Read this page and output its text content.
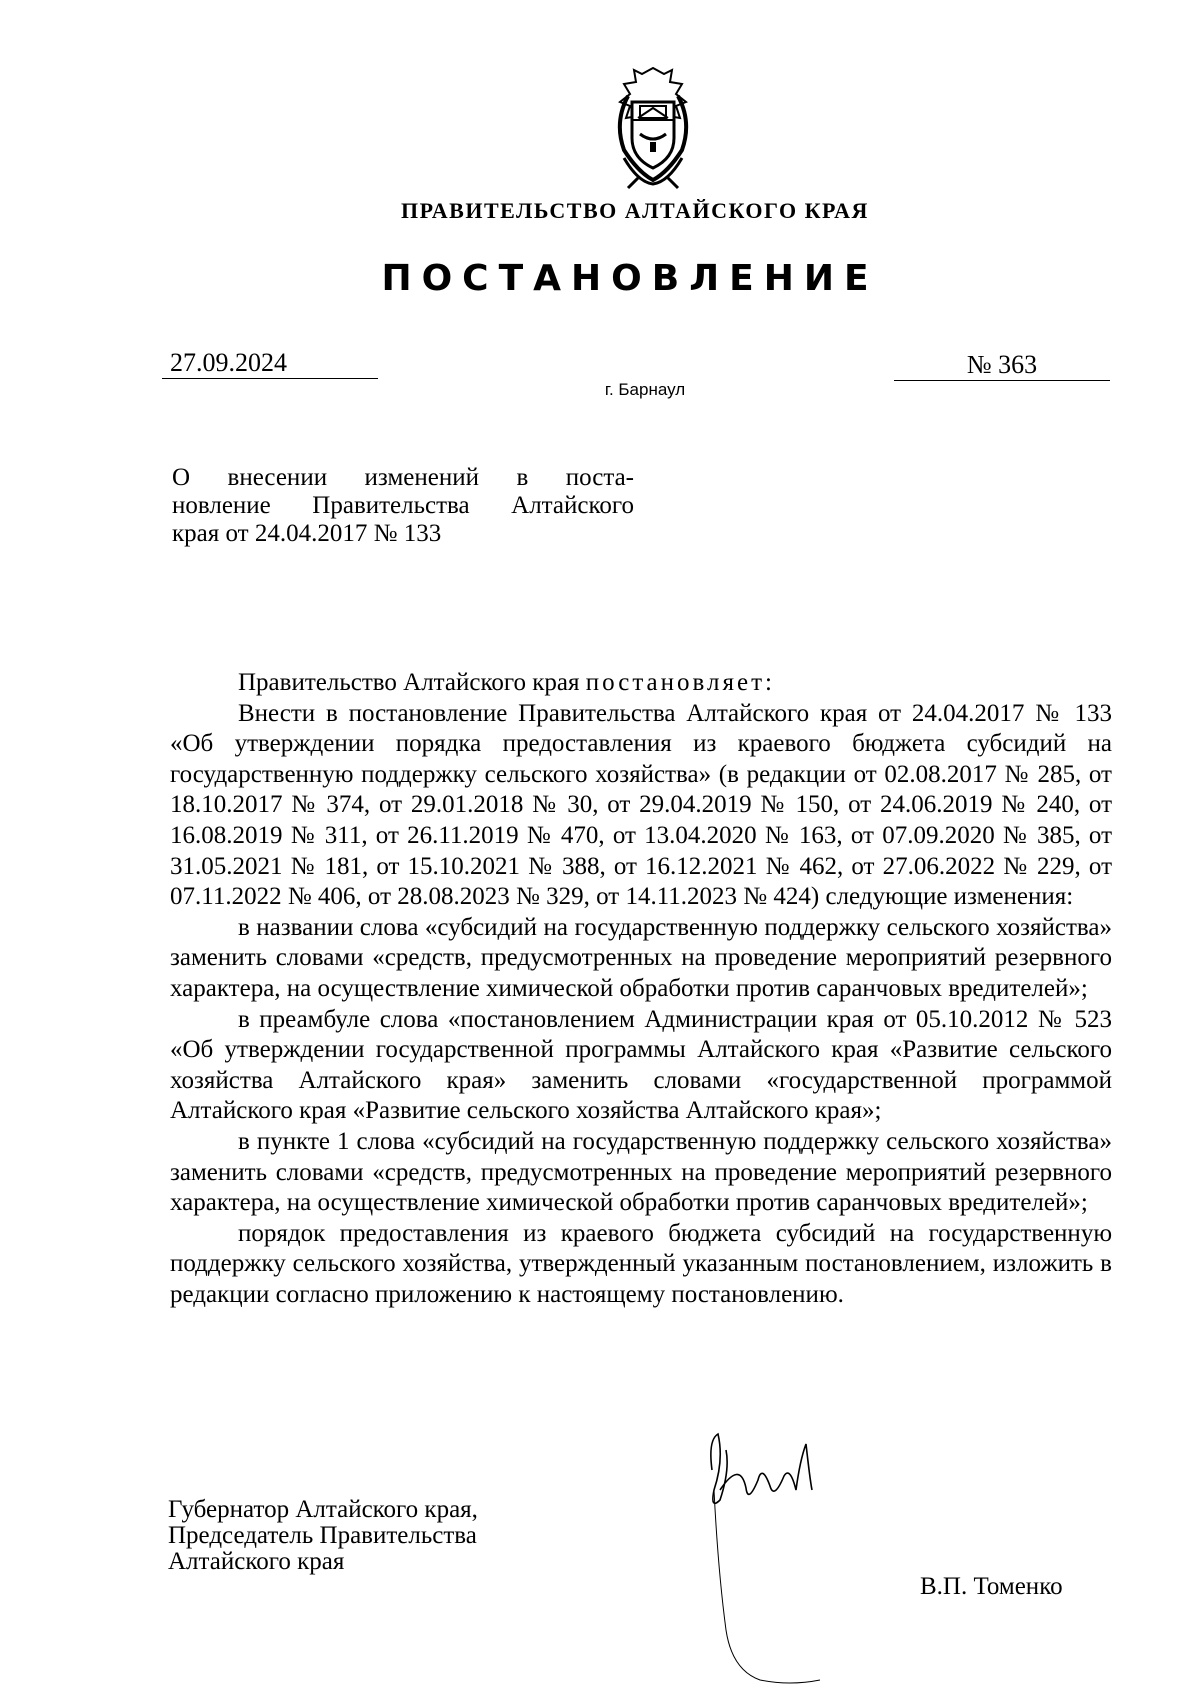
ПРАВИТЕЛЬСТВО АЛТАЙСКОГО КРАЯ
ПОСТАНОВЛЕНИЕ
27.09.2024	№ 363
г. Барнаул
О внесении изменений в поста-
новление Правительства Алтайского
края от 24.04.2017 № 133

Правительство Алтайского края постановляет:

Внести в постановление Правительства Алтайского края от 24.04.2017 № 133 «Об утверждении порядка предоставления из краевого бюджета субсидий на государственную поддержку сельского хозяйства» (в редакции от 02.08.2017 № 285, от 18.10.2017 № 374, от 29.01.2018 № 30, от 29.04.2019 № 150, от 24.06.2019 № 240, от 16.08.2019 № 311, от 26.11.2019 № 470, от 13.04.2020 № 163, от 07.09.2020 № 385, от 31.05.2021 № 181, от 15.10.2021 № 388, от 16.12.2021 № 462, от 27.06.2022 № 229, от 07.11.2022 № 406, от 28.08.2023 № 329, от 14.11.2023 № 424) следующие изменения:

в названии слова «субсидий на государственную поддержку сельского хозяйства» заменить словами «средств, предусмотренных на проведение мероприятий резервного характера, на осуществление химической обработки против саранчовых вредителей»;

в преамбуле слова «постановлением Администрации края от 05.10.2012 № 523 «Об утверждении государственной программы Алтайского края «Развитие сельского хозяйства Алтайского края» заменить словами «государственной программой Алтайского края «Развитие сельского хозяйства Алтайского края»;

в пункте 1 слова «субсидий на государственную поддержку сельского хозяйства» заменить словами «средств, предусмотренных на проведение мероприятий резервного характера, на осуществление химической обработки против саранчовых вредителей»;

порядок предоставления из краевого бюджета субсидий на государственную поддержку сельского хозяйства, утвержденный указанным постановлением, изложить в редакции согласно приложению к настоящему постановлению.

Губернатор Алтайского края,
Председатель Правительства
Алтайского края
В.П. Томенко
